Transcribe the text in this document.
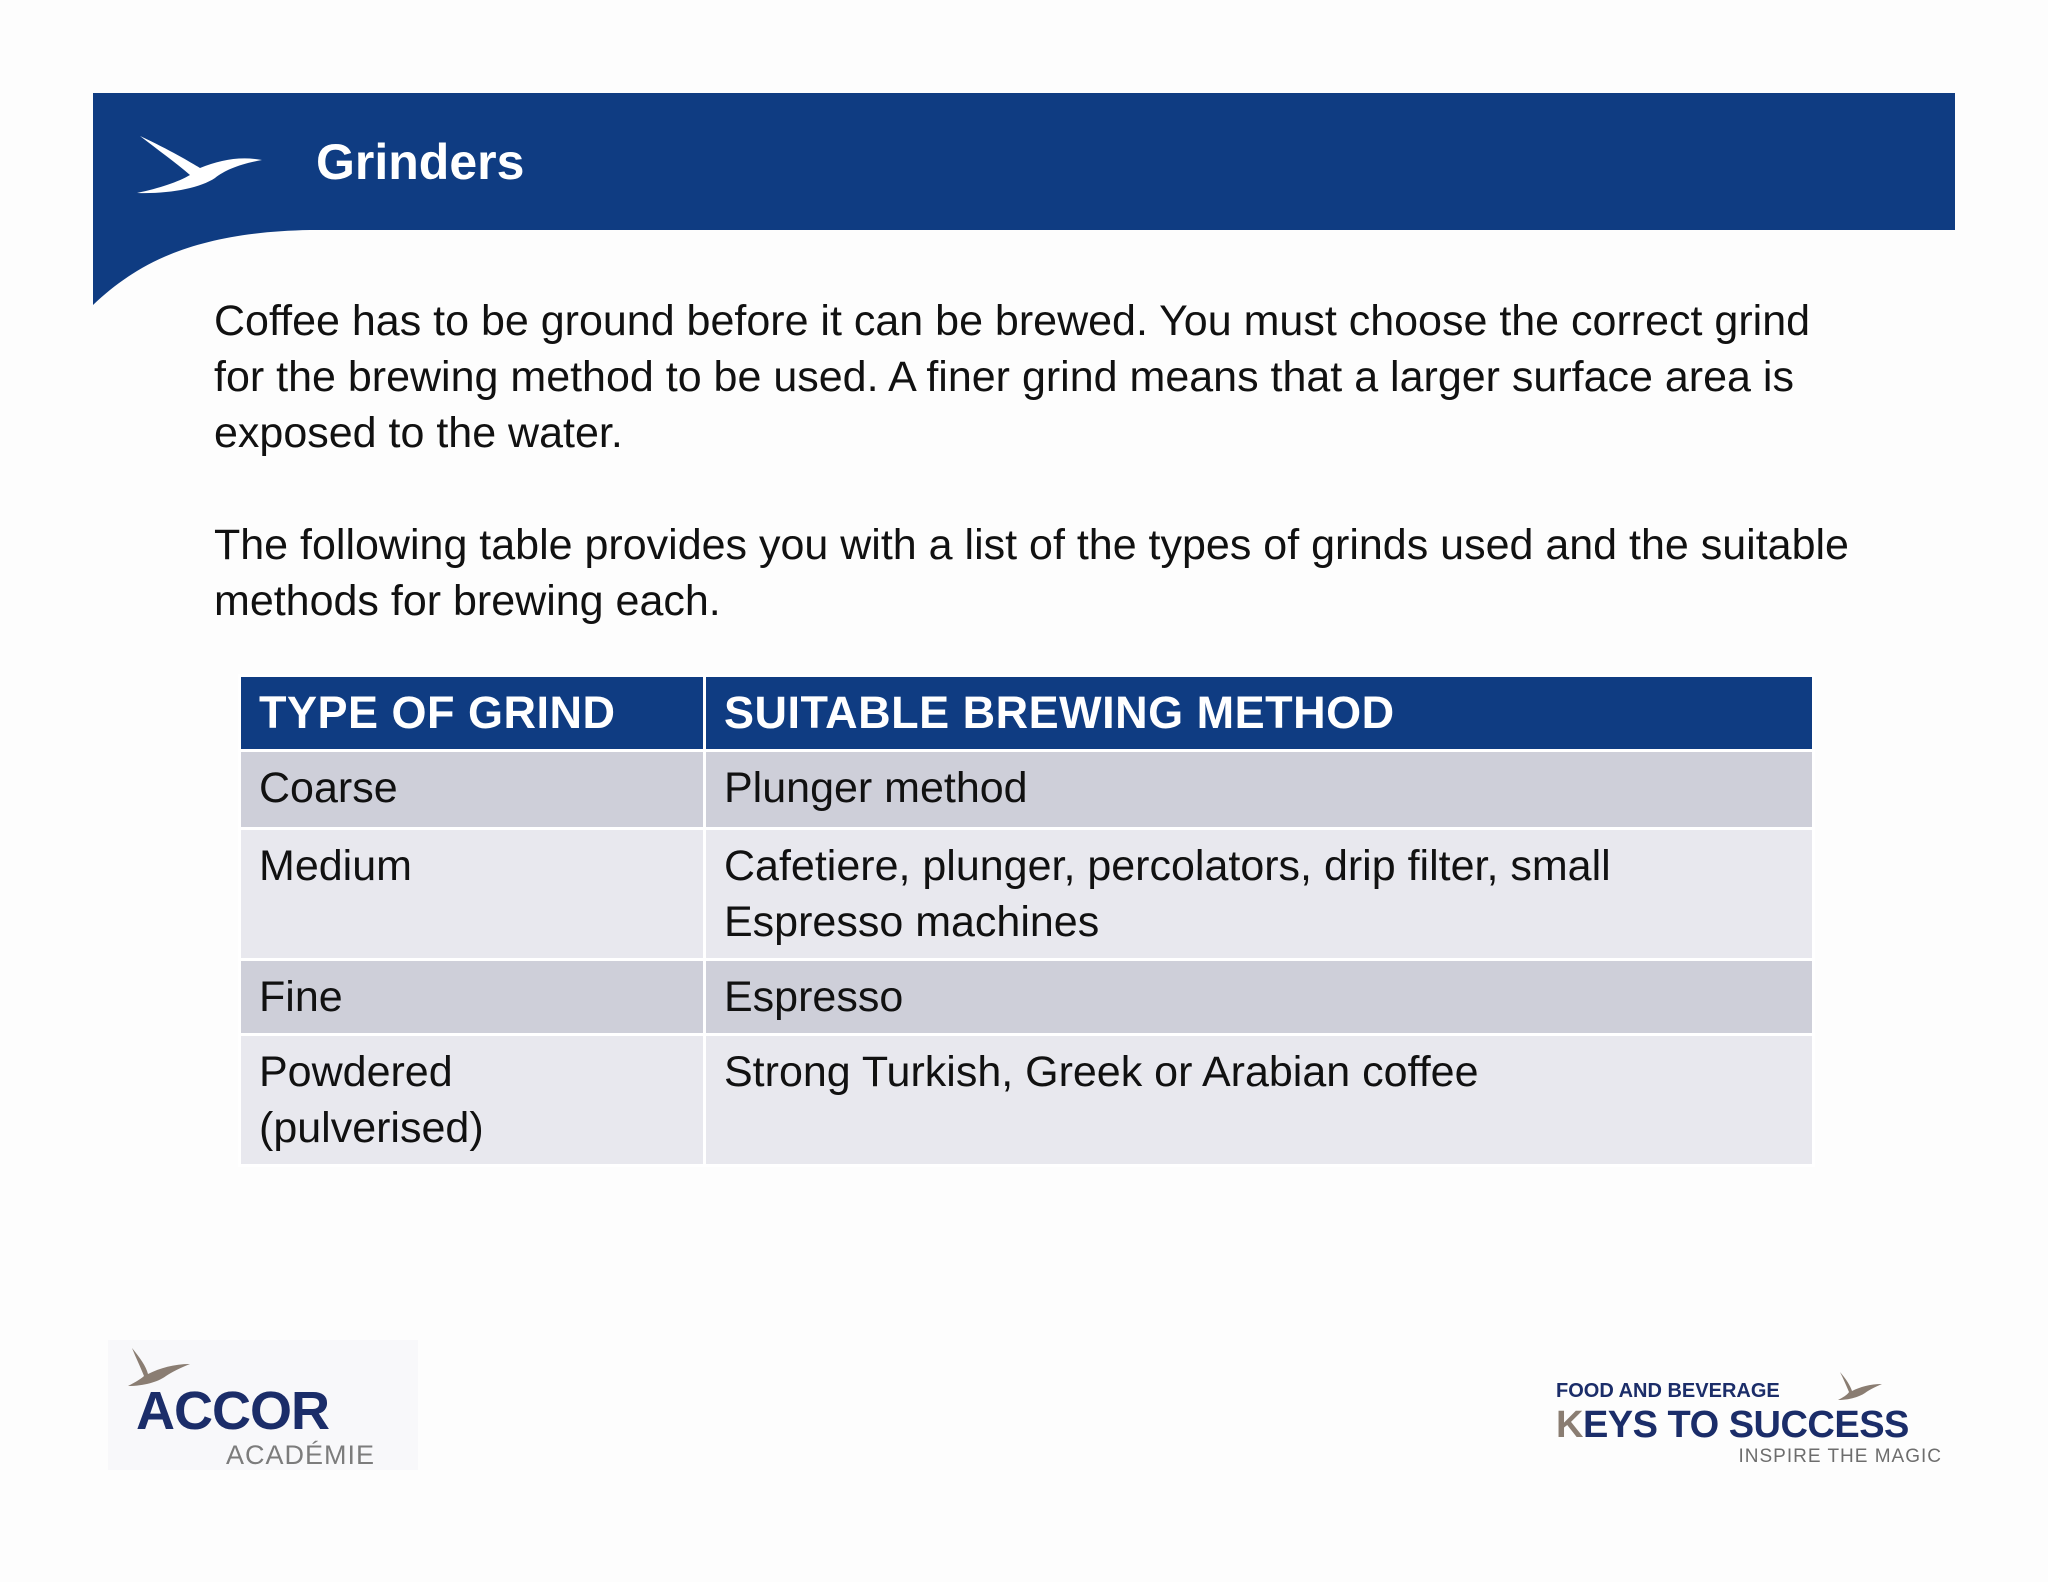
Grinders

Coffee has to be ground before it can be brewed. You must choose the correct grind for the brewing method to be used. A finer grind means that a larger surface area is exposed to the water.

The following table provides you with a list of the types of grinds used and the suitable methods for brewing each.

TYPE OF GRIND	SUITABLE BREWING METHOD
Coarse	Plunger method
Medium	Cafetiere, plunger, percolators, drip filter, small Espresso machines
Fine	Espresso
Powdered (pulverised)	Strong Turkish, Greek or Arabian coffee
ACCOR
ACADÉMIE
FOOD AND BEVERAGE
KEYS TO SUCCESS
INSPIRE THE MAGIC
